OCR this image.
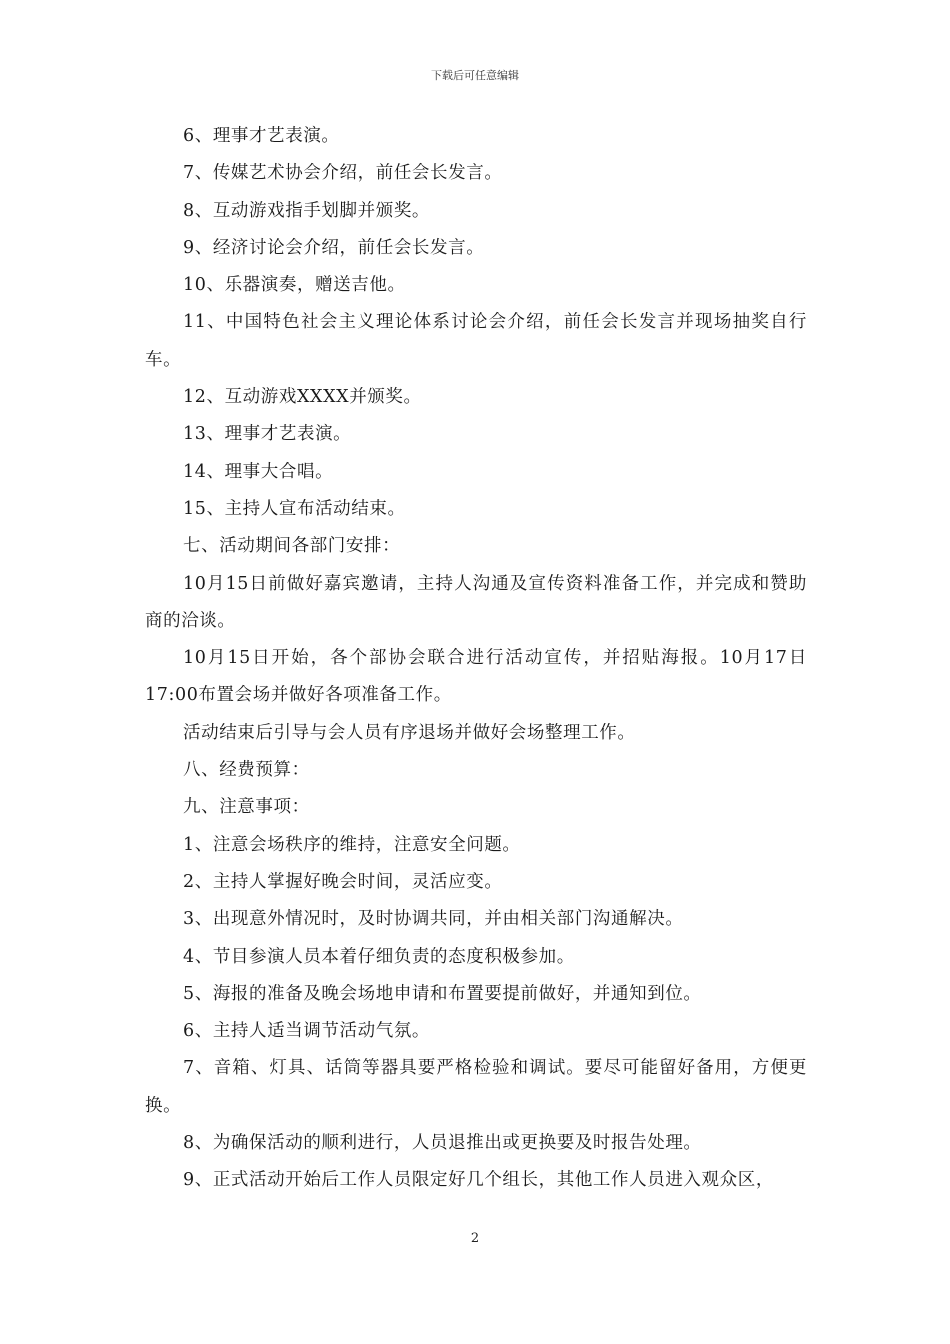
下载后可任意编辑

6、理事才艺表演。

7、传媒艺术协会介绍，前任会长发言。

8、互动游戏指手划脚并颁奖。

9、经济讨论会介绍，前任会长发言。

10、乐器演奏，赠送吉他。

11、中国特色社会主义理论体系讨论会介绍，前任会长发言并现场抽奖自行车。

12、互动游戏XXXX并颁奖。

13、理事才艺表演。

14、理事大合唱。

15、主持人宣布活动结束。

七、活动期间各部门安排：

10月15日前做好嘉宾邀请，主持人沟通及宣传资料准备工作，并完成和赞助商的洽谈。

10月15日开始，各个部协会联合进行活动宣传，并招贴海报。10月17日17:00布置会场并做好各项准备工作。

活动结束后引导与会人员有序退场并做好会场整理工作。

八、经费预算：

九、注意事项：

1、注意会场秩序的维持，注意安全问题。

2、主持人掌握好晚会时间，灵活应变。

3、出现意外情况时，及时协调共同，并由相关部门沟通解决。

4、节目参演人员本着仔细负责的态度积极参加。

5、海报的准备及晚会场地申请和布置要提前做好，并通知到位。

6、主持人适当调节活动气氛。

7、音箱、灯具、话筒等器具要严格检验和调试。要尽可能留好备用，方便更换。

8、为确保活动的顺利进行，人员退推出或更换要及时报告处理。

9、正式活动开始后工作人员限定好几个组长，其他工作人员进入观众区，

2
